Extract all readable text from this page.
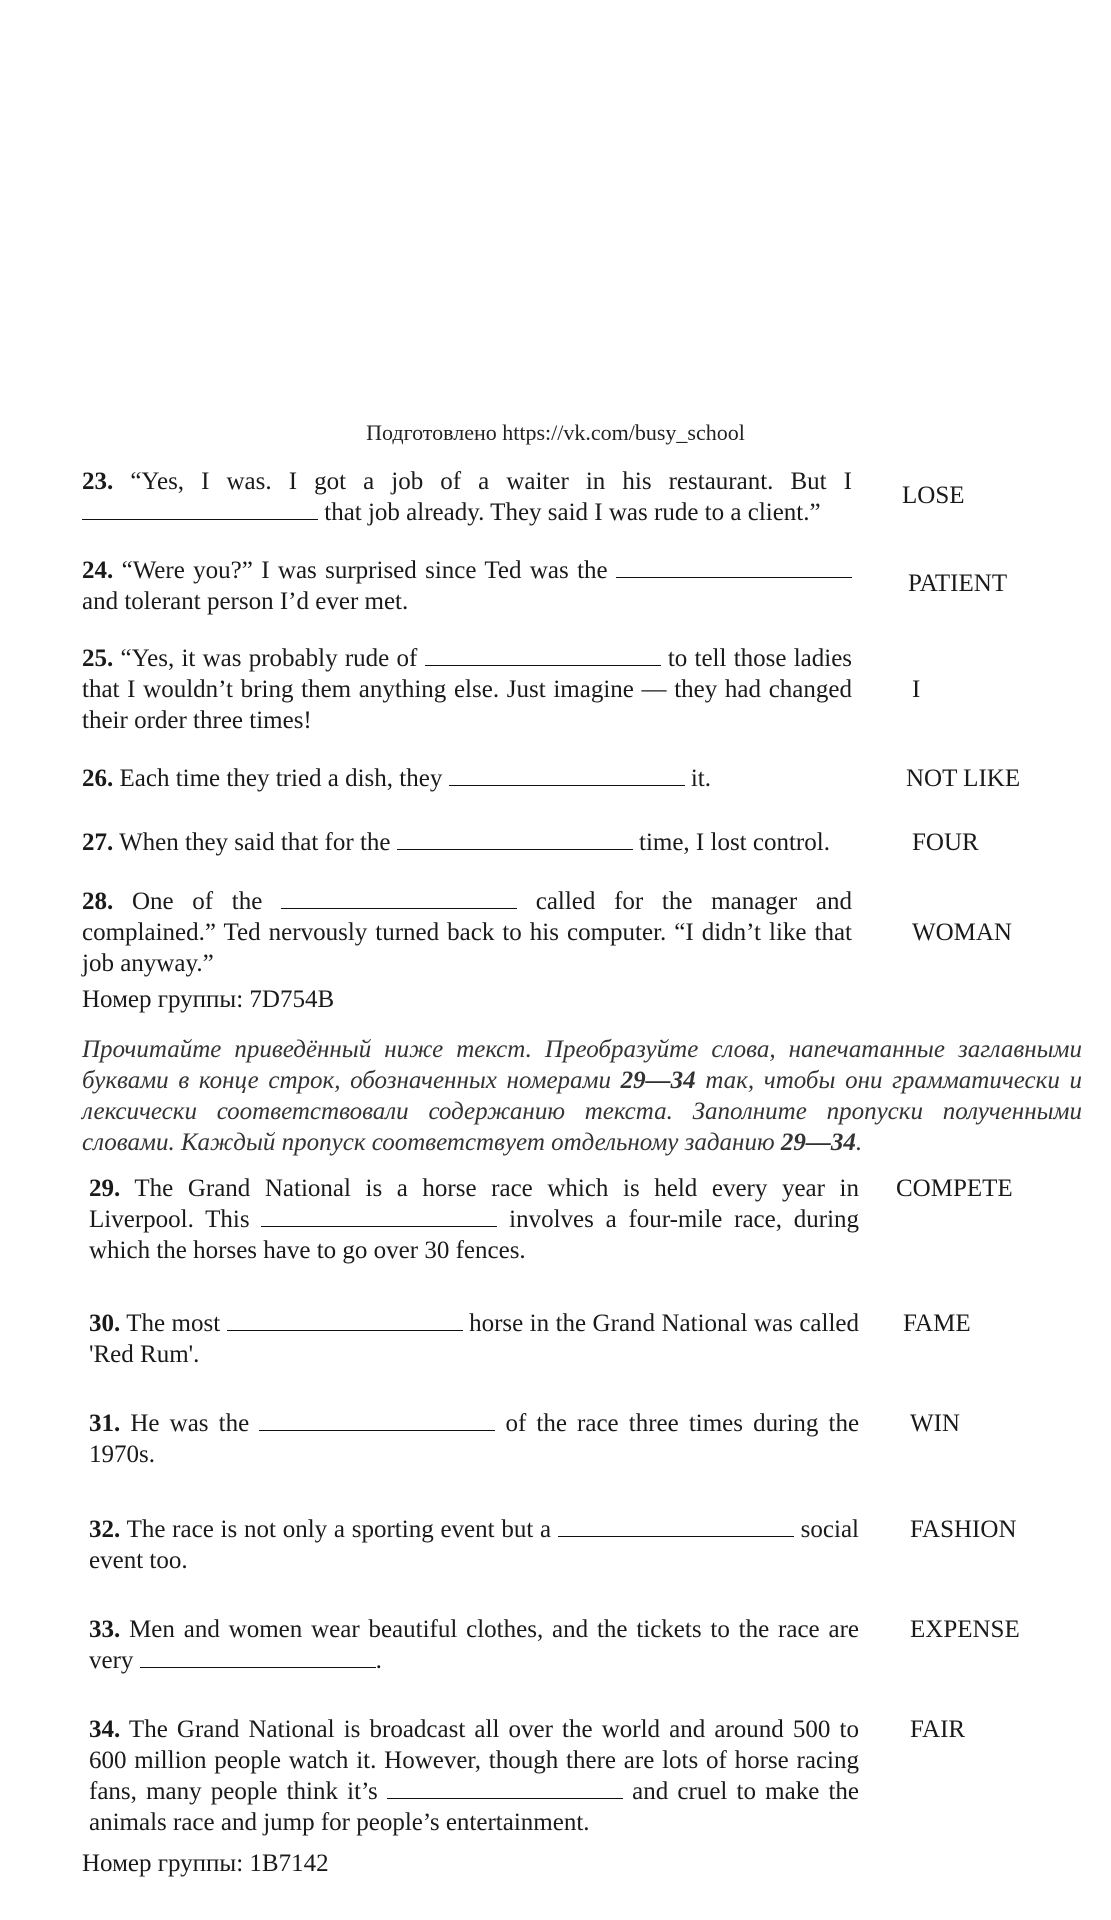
Подготовлено https://vk.com/busy_school
23. “Yes, I was. I got a job of a waiter in his restaurant. But I  that job already. They said I was rude to a client.”
LOSE
24. “Were you?” I was surprised since Ted was the  and tolerant person I’d ever met.
PATIENT
25. “Yes, it was probably rude of	to tell those ladies that I wouldn’t bring them anything else. Just imagine –– they had changed their order three times!
I
26. Each time they tried a dish, they	it.	NOT LIKE
27. When they said that for the	time, I lost control.	FOUR
28. One of the	called for the manager and complained.” Ted nervously turned back to his computer. “I didn’t like that job anyway.”
WOMAN
Номер группы: 7D754B
Прочитайте приведённый ниже текст. Преобразуйте слова, напечатанные заглавными буквами в конце строк, обозначенных номерами 29––34 так, чтобы они грамматически и лексически соответствовали содержанию текста. Заполните пропуски полученными словами. Каждый пропуск соответствует отдельному заданию 29––34.
29. The Grand National is a horse race which is held every year in Liverpool. This	involves a four-mile race, during which the horses have to go over 30 fences.
COMPETE
30. The most	horse in the Grand National was called 'Red Rum'.
FAME
31. He was the	of the race three times during the 1970s.
WIN
32. The race is not only a sporting event but a	social event too.
FASHION
33. Men and women wear beautiful clothes, and the tickets to the race are very	.
EXPENSE
34. The Grand National is broadcast all over the world and around 500 to 600 million people watch it. However, though there are lots of horse racing fans, many people think it’s	and cruel to make the animals race and jump for people’s entertainment.
FAIR
Номер группы: 1B7142
